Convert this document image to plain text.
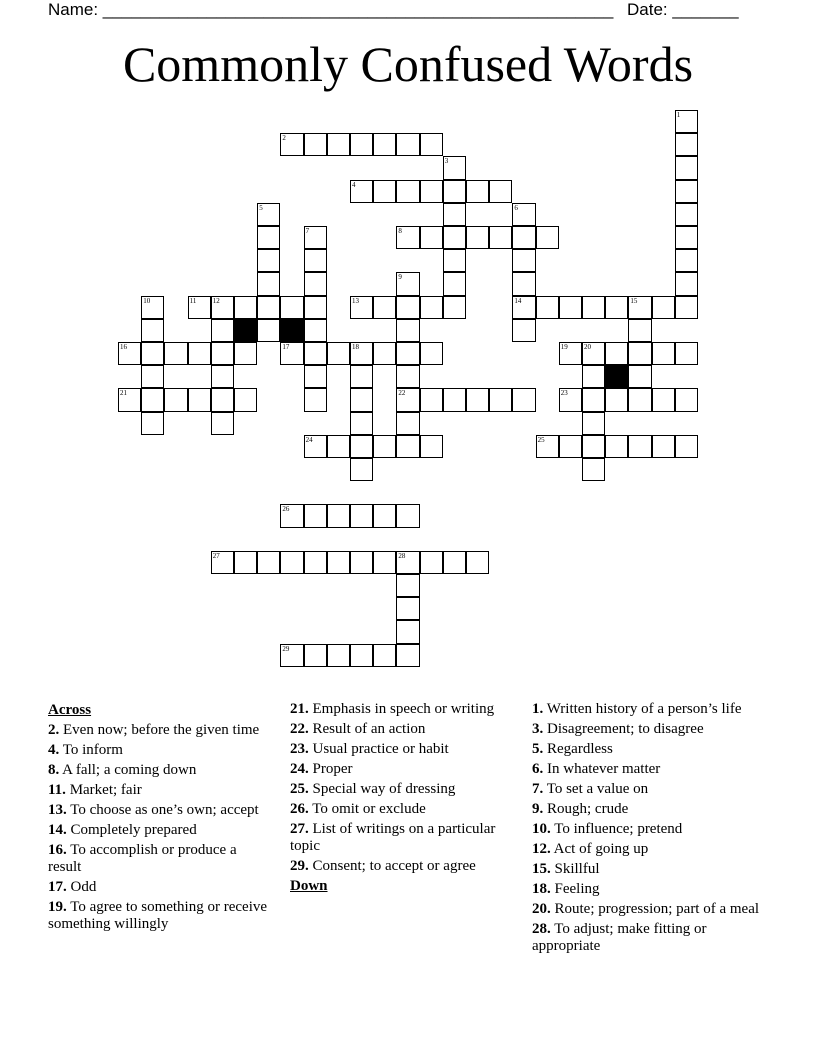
Name: ______________________________________________________ Date: _______
Commonly Confused Words
1
2
3
4
5	6
14
7	8
9
22
10	11 12	13	15
16	17	18	19 20
21	23
24	25
26
27	28
29
Across
2. Even now; before the given time
4. To inform
8. A fall; a coming down
11. Market; fair
13. To choose as one’s own; accept
14. Completely prepared
16. To accomplish or produce a result
17. Odd
19. To agree to something or receive something willingly
21. Emphasis in speech or writing
22. Result of an action
23. Usual practice or habit
24. Proper
25. Special way of dressing
26. To omit or exclude
27. List of writings on a particular topic
29. Consent; to accept or agree
Down
1. Written history of a person’s life
3. Disagreement; to disagree
5. Regardless
6. In whatever matter
7. To set a value on
9. Rough; crude
10. To influence; pretend
12. Act of going up
15. Skillful
18. Feeling
20. Route; progression; part of a meal
28. To adjust; make fitting or appropriate
